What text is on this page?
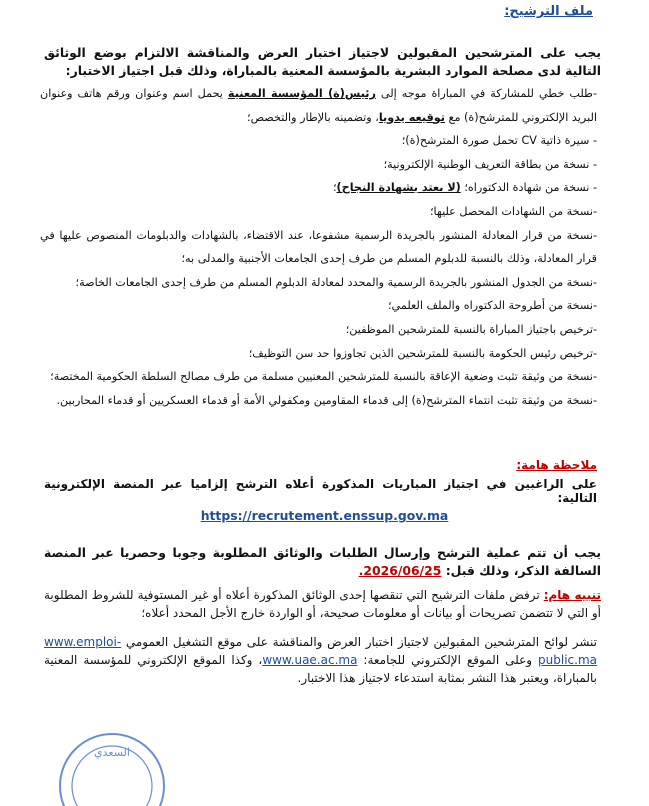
ملف الترشيح:
يجب على المترشحين المقبولين لاجتياز اختبار العرض والمناقشة الالتزام بوضع الوثائق التالية لدى مصلحة الموارد البشرية بالمؤسسة المعنية بالمباراة، وذلك قبل اجتياز الاختبار:
-طلب خطي للمشاركة في المباراة موجه إلى رئيس(ة) المؤسسة المعنية يحمل اسم وعنوان ورقم هاتف وعنوان البريد الإلكتروني للمترشح(ة) مع توقيعه يدويا، وتضمينه بالإطار والتخصص؛
- سيرة ذاتية CV تحمل صورة المترشح(ة)؛
- نسخة من بطاقة التعريف الوطنية الإلكترونية؛
- نسخة من شهادة الدكتوراه؛ (لا يعتد بشهادة النجاح)؛
-نسخة من الشهادات المحصل عليها؛
-نسخة من قرار المعادلة المنشور بالجريدة الرسمية مشفوعا، عند الاقتضاء، بالشهادات والدبلومات المنصوص عليها في قرار المعادلة، وذلك بالنسبة للدبلوم المسلم من طرف إحدى الجامعات الأجنبية والمدلى به؛
-نسخة من الجدول المنشور بالجريدة الرسمية والمحدد لمعادلة الدبلوم المسلم من طرف إحدى الجامعات الخاصة؛
-نسخة من أطروحة الدكتوراه والملف العلمي؛
-ترخيص باجتياز المباراة بالنسبة للمترشحين الموظفين؛
-ترخيص رئيس الحكومة بالنسبة للمترشحين الذين تجاوزوا حد سن التوظيف؛
-نسخة من وثيقة تثبت وضعية الإعاقة بالنسبة للمترشحين المعنيين مسلمة من طرف مصالح السلطة الحكومية المختصة؛
-نسخة من وثيقة تثبت انتماء المترشح(ة) إلى قدماء المقاومين ومكفولي الأمة أو قدماء العسكريين أو قدماء المحاربين.
ملاحظة هامة:
على الراغبين في اجتياز المباريات المذكورة أعلاه الترشح إلزاميا عبر المنصة الإلكترونية التالية:
https://recrutement.enssup.gov.ma
يجب أن تتم عملية الترشح وإرسال الطلبات والوثائق المطلوبة وجوبا وحصريا عبر المنصة السالفة الذكر، وذلك قبل: 2026/06/25.
تنبيه هام: ترفض ملفات الترشيح التي تنقصها إحدى الوثائق المذكورة أعلاه أو غير المستوفية للشروط المطلوبة أو التي لا تتضمن تصريحات أو بيانات أو معلومات صحيحة، أو الواردة خارج الأجل المحدد أعلاه؛
تنشر لوائح المترشحين المقبولين لاجتياز اختبار العرض والمناقشة على موقع التشغيل العمومي www.emploi-public.ma وعلى الموقع الإلكتروني للجامعة: www.uae.ac.ma، وكذا الموقع الإلكتروني للمؤسسة المعنية بالمباراة، ويعتبر هذا النشر بمثابة استدعاء لاجتياز هذا الاختبار.
السعدي
